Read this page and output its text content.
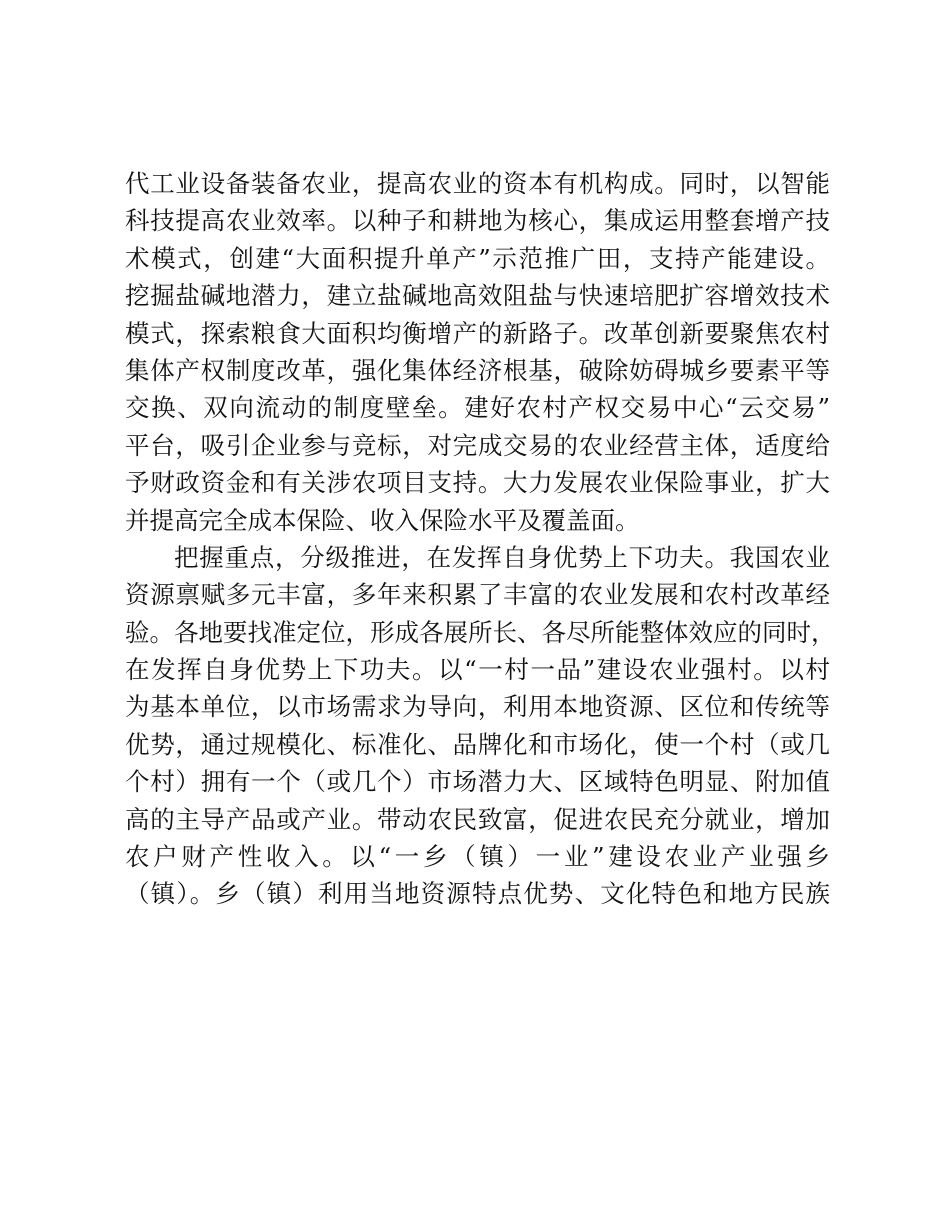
代工业设备装备农业，提高农业的资本有机构成。同时，以智能
科技提高农业效率。以种子和耕地为核心，集成运用整套增产技
术模式，创建“大面积提升单产”示范推广田，支持产能建设。
挖掘盐碱地潜力，建立盐碱地高效阻盐与快速培肥扩容增效技术
模式，探索粮食大面积均衡增产的新路子。改革创新要聚焦农村
集体产权制度改革，强化集体经济根基，破除妨碍城乡要素平等
交换、双向流动的制度壁垒。建好农村产权交易中心“云交易”
平台，吸引企业参与竞标，对完成交易的农业经营主体，适度给
予财政资金和有关涉农项目支持。大力发展农业保险事业，扩大
并提高完全成本保险、收入保险水平及覆盖面。
把握重点，分级推进，在发挥自身优势上下功夫。我国农业
资源禀赋多元丰富，多年来积累了丰富的农业发展和农村改革经
验。各地要找准定位，形成各展所长、各尽所能整体效应的同时，
在发挥自身优势上下功夫。以“一村一品”建设农业强村。以村
为基本单位，以市场需求为导向，利用本地资源、区位和传统等
优势，通过规模化、标准化、品牌化和市场化，使一个村（或几
个村）拥有一个（或几个）市场潜力大、区域特色明显、附加值
高的主导产品或产业。带动农民致富，促进农民充分就业，增加
农户财产性收入。以“一乡（镇）一业”建设农业产业强乡
（镇）。乡（镇）利用当地资源特点优势、文化特色和地方民族
